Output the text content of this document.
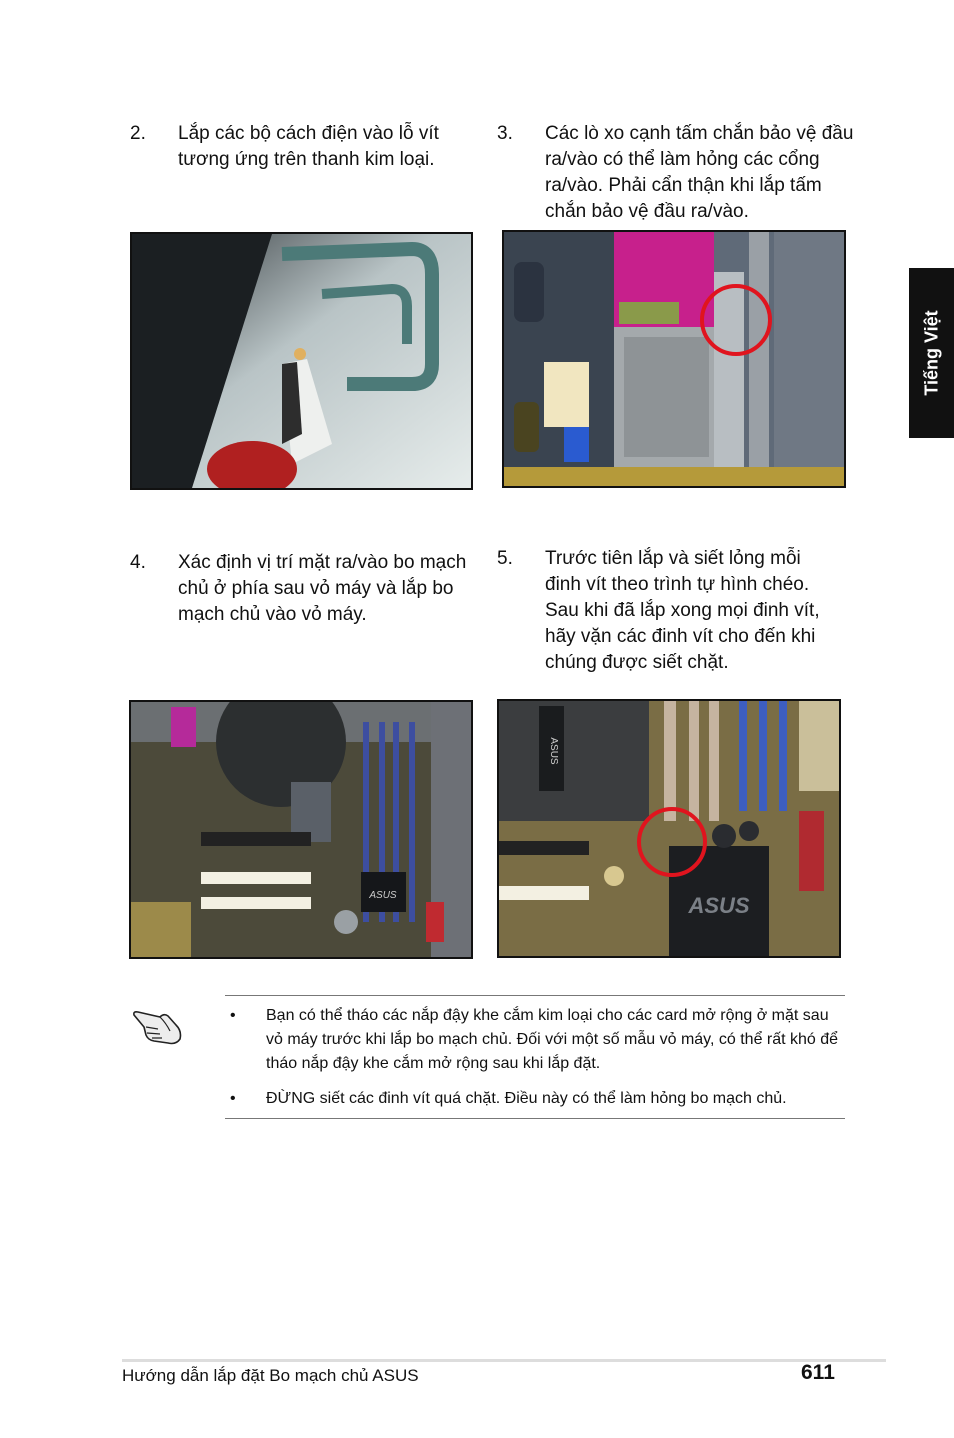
2. Lắp các bộ cách điện vào lỗ vít
tương ứng trên thanh kim loại.
3. Các lò xo cạnh tấm chắn bảo vệ đầu
ra/vào có thể làm hỏng các cổng
ra/vào. Phải cẩn thận khi lắp tấm
chắn bảo vệ đầu ra/vào.
4. Xác định vị trí mặt ra/vào bo mạch
chủ ở phía sau vỏ máy và lắp bo
mạch chủ vào vỏ máy.
5. Trước tiên lắp và siết lỏng mỗi
đinh vít theo trình tự hình chéo.
Sau khi đã lắp xong mọi đinh vít,
hãy vặn các đinh vít cho đến khi
chúng được siết chặt.
ASUS
ASUS
ASUS
Tiếng Việt
• Bạn có thể tháo các nắp đậy khe cắm kim loại cho các card mở rộng ở mặt sau vỏ máy trước khi lắp bo mạch chủ. Đối với một số mẫu vỏ máy, có thể rất khó để tháo nắp đậy khe cắm mở rộng sau khi lắp đặt.
• ĐỪNG siết các đinh vít quá chặt. Điều này có thể làm hỏng bo mạch chủ.
Hướng dẫn lắp đặt Bo mạch chủ ASUS	611
